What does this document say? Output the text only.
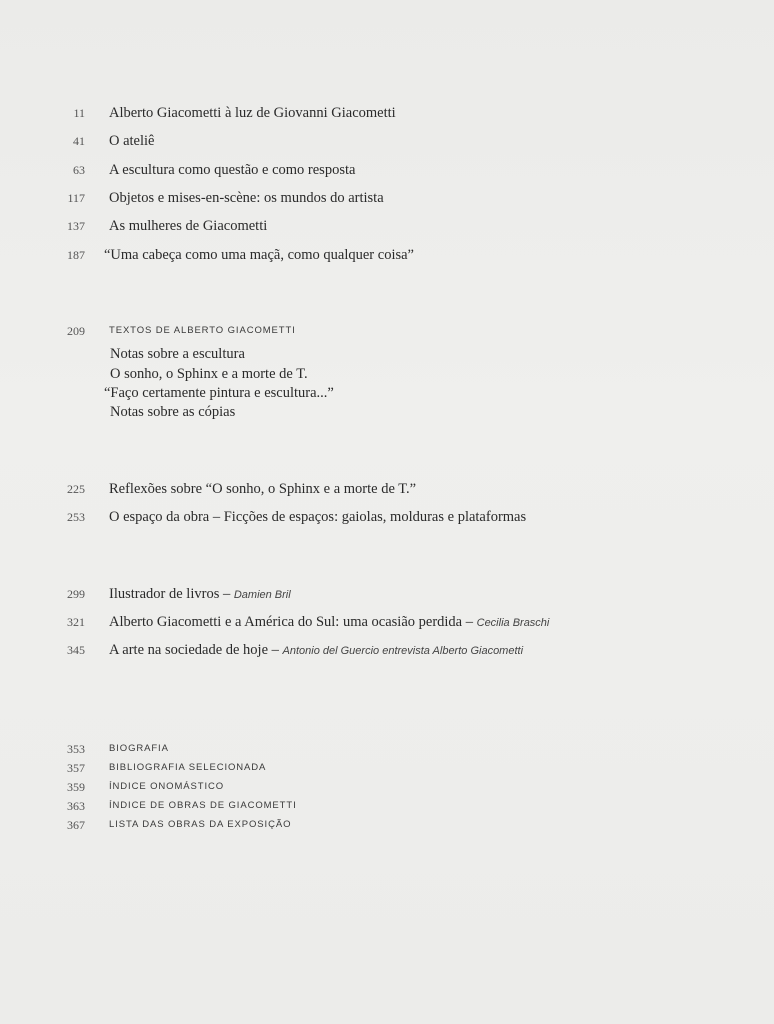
11 Alberto Giacometti à luz de Giovanni Giacometti
41 O ateliê
63 A escultura como questão e como resposta
117 Objetos e mises-en-scène: os mundos do artista
137 As mulheres de Giacometti
187 “Uma cabeça como uma maçã, como qualquer coisa”
209	TEXTOS DE ALBERTO GIACOMETTI
Notas sobre a escultura
O sonho, o Sphinx e a morte de T.
“Faço certamente pintura e escultura...”
Notas sobre as cópias
225 Reflexões sobre “O sonho, o Sphinx e a morte de T.”
253 O espaço da obra – Ficções de espaços: gaiolas, molduras e plataformas
299 Ilustrador de livros – Damien Bril
321 Alberto Giacometti e a América do Sul: uma ocasião perdida – Cecilia Braschi
345 A arte na sociedade de hoje – Antonio del Guercio entrevista Alberto Giacometti
353	BIOGRAFIA
357	BIBLIOGRAFIA SELECIONADA
359	ÍNDICE ONOMÁSTICO
363	ÍNDICE DE OBRAS DE GIACOMETTI
367	LISTA DAS OBRAS DA EXPOSIÇÃO
